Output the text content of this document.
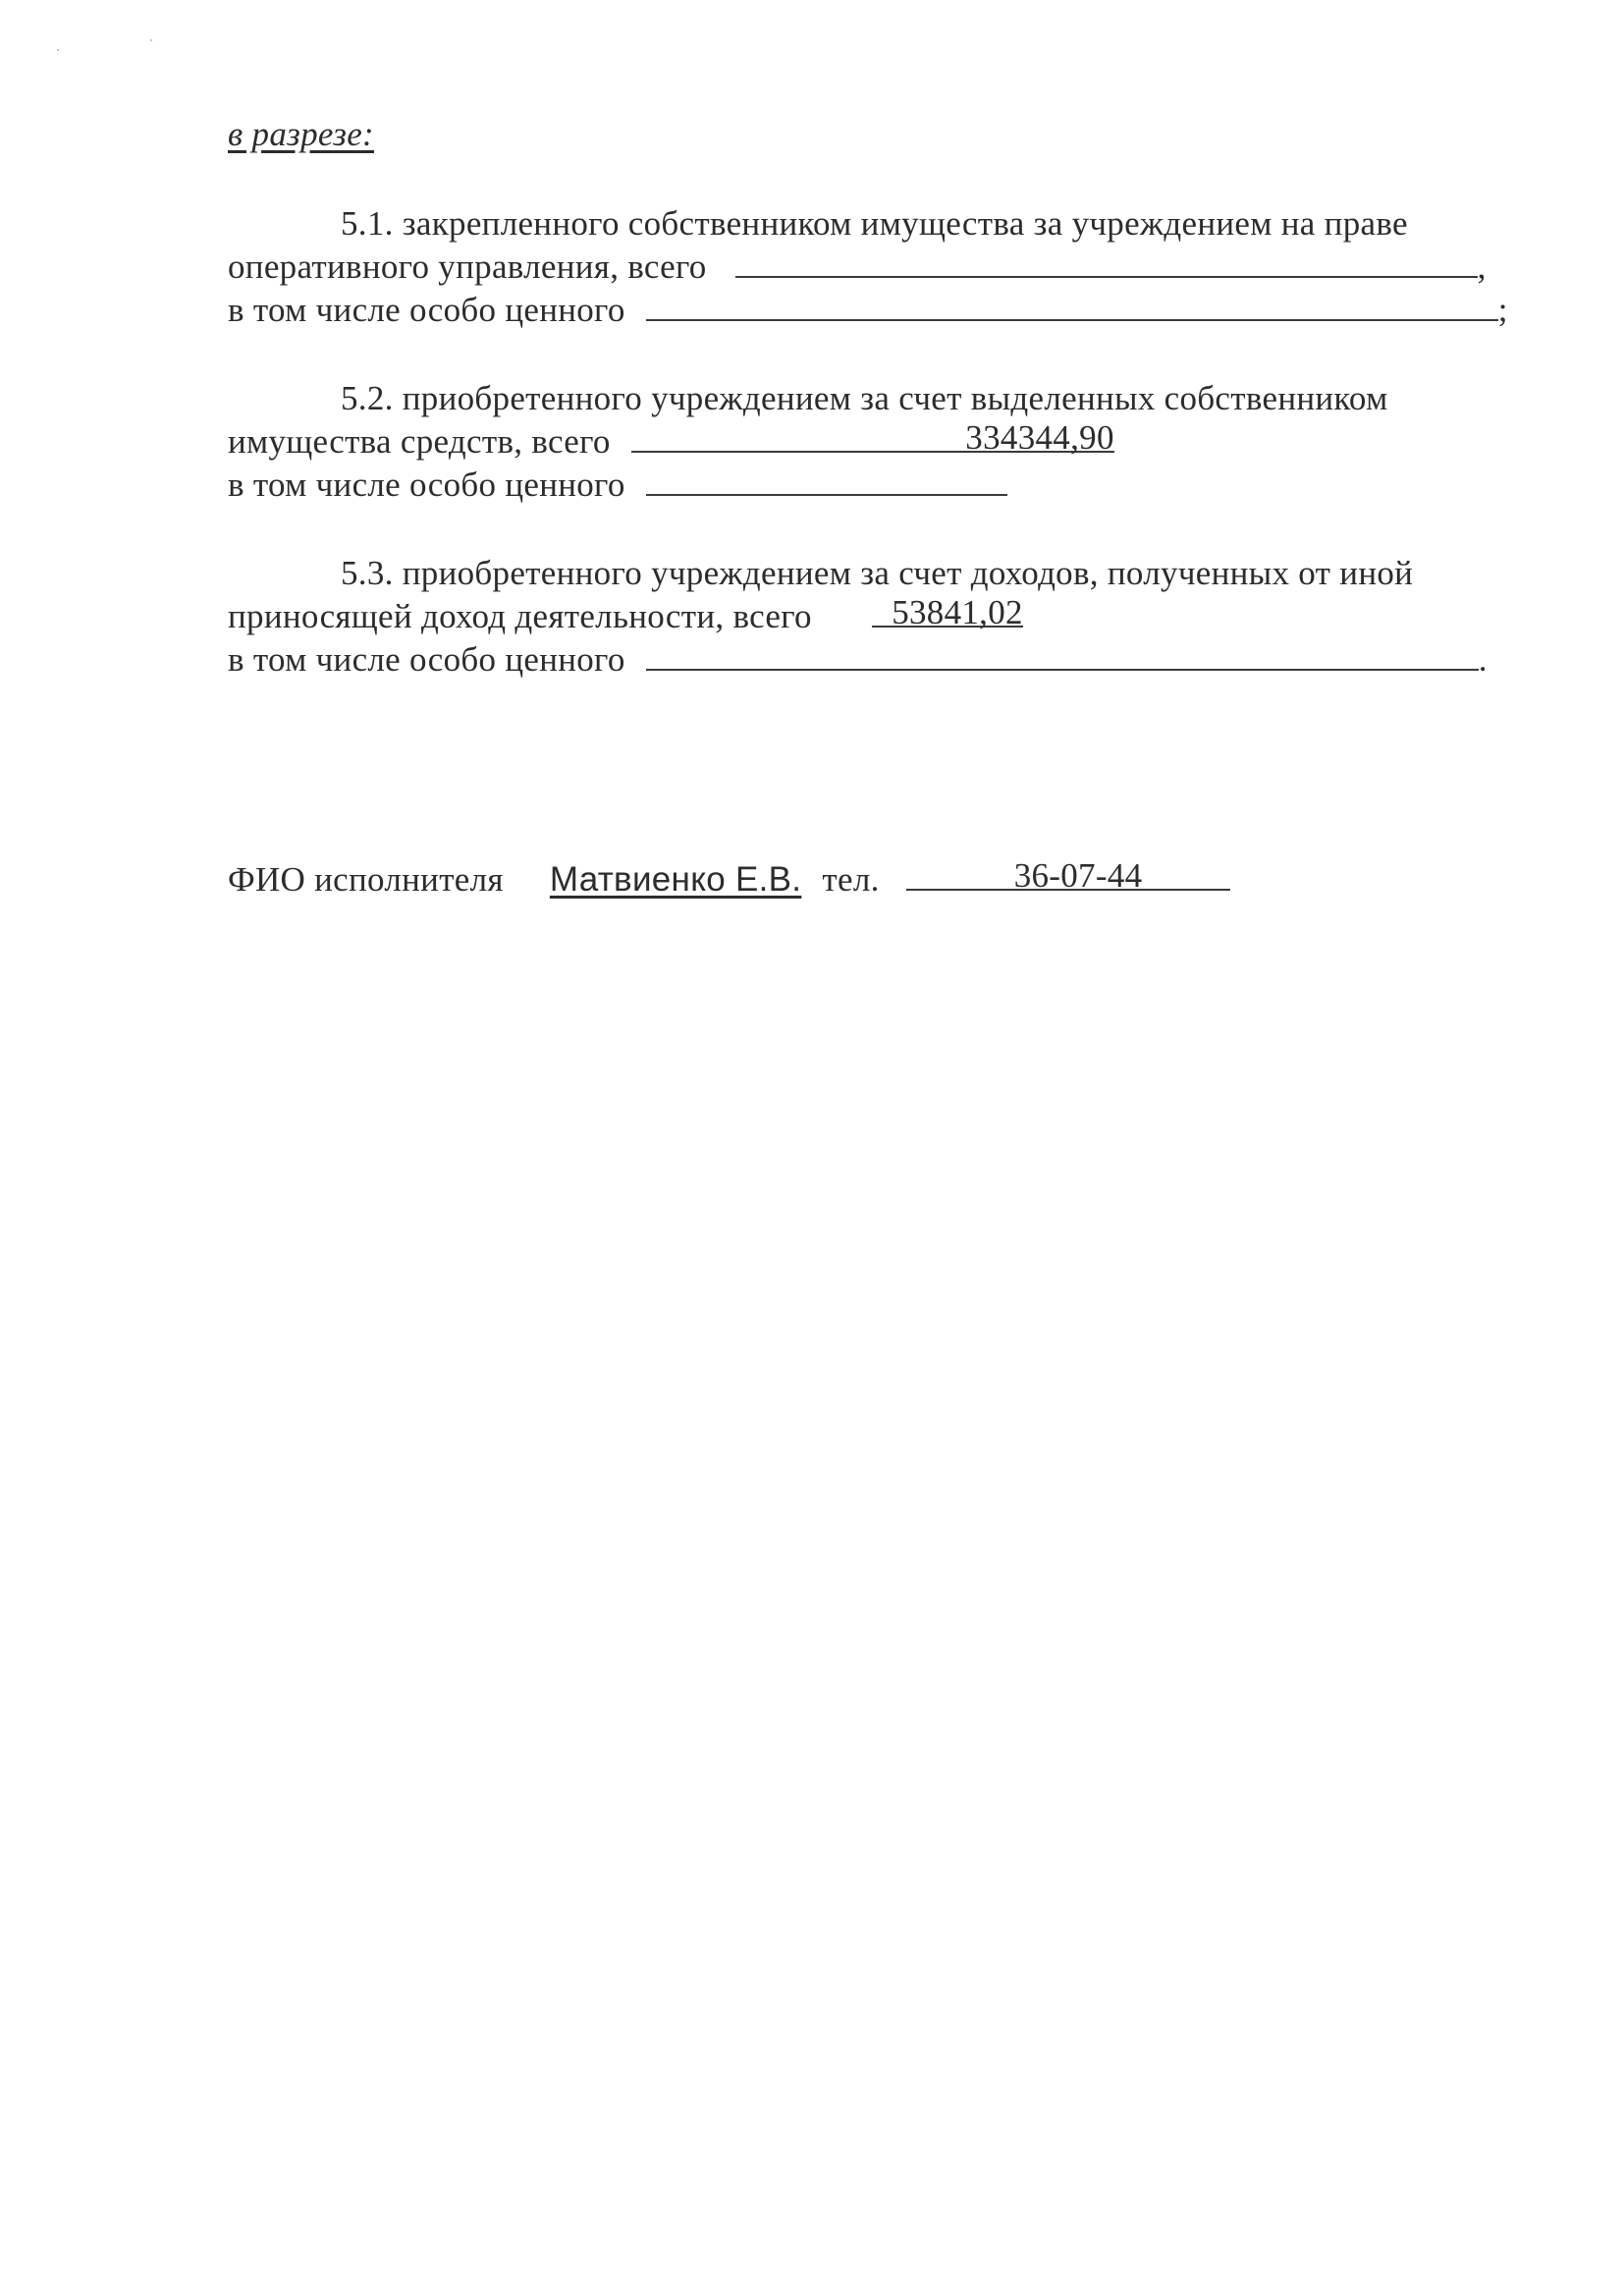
в разрезе:
5.1. закрепленного собственником имущества за учреждением на праве
оперативного управления, всего	,
в том числе особо ценного	;
5.2. приобретенного учреждением за счет выделенных собственником
имущества средств, всего	334344,90
в том числе особо ценного
5.3. приобретенного учреждением за счет доходов, полученных от иной
приносящей доход деятельности, всего 53841,02
в том числе особо ценного	.
ФИО исполнителя Матвиенко Е.В. тел.	36-07-44
